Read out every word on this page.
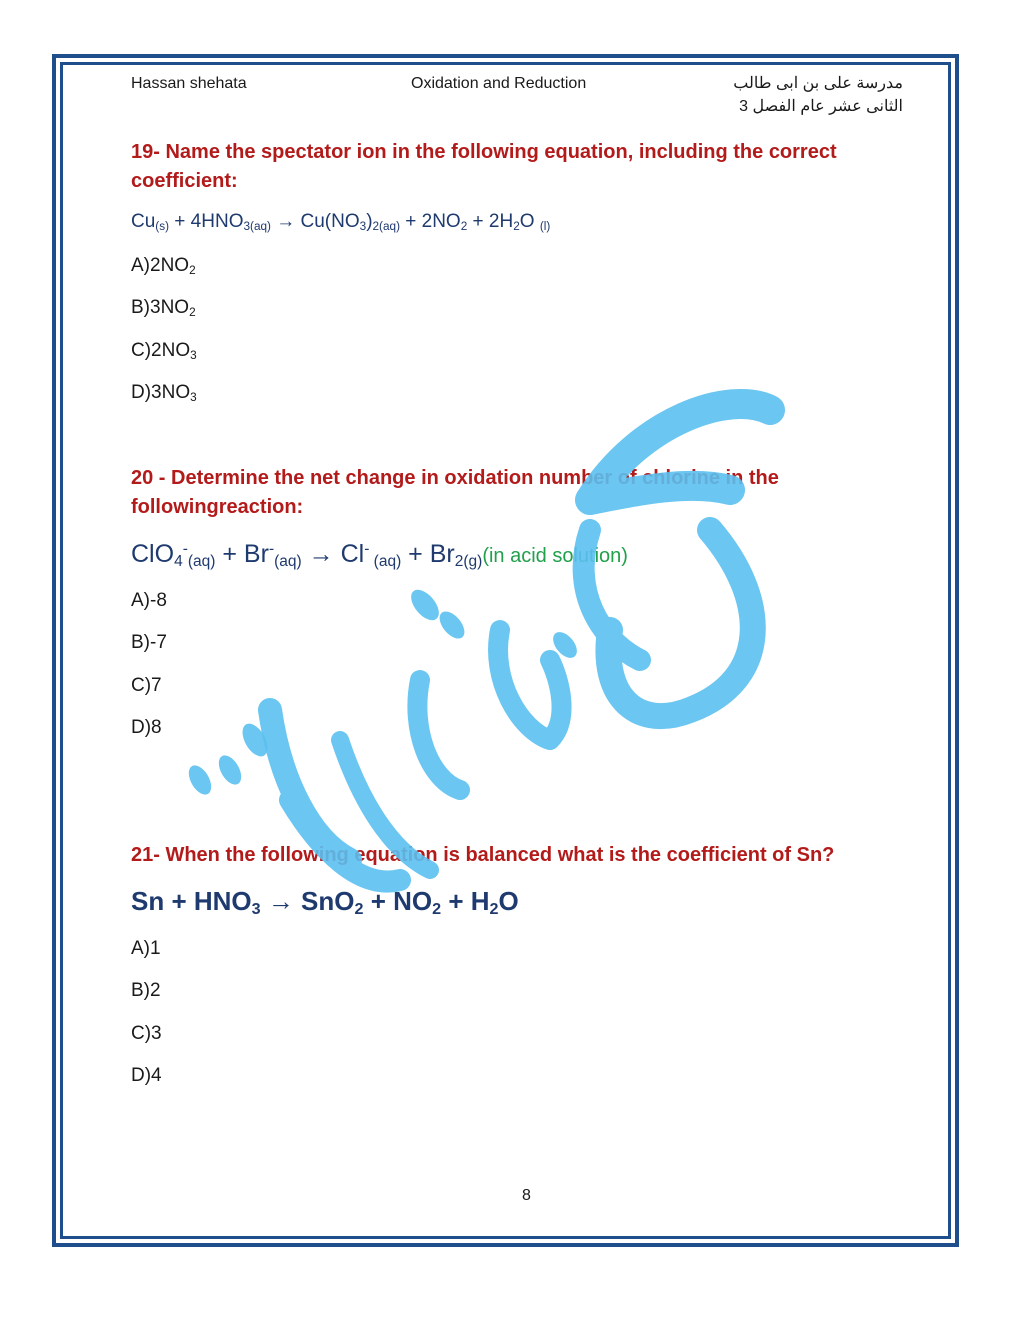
Hassan shehata	Oxidation and Reduction	مدرسة على بن ابى طالب
الثانى عشر عام الفصل 3
19- Name the spectator ion in the following equation, including the correct coefficient:
$Cu_{(s)} + 4HNO_{3(aq)} \to Cu(NO_3)_{2(aq)} + 2NO_2 + 2H_2O$ $_{(l)}$
$A)2NO_2$
$B)3NO_2$
$C)2NO_3$
$D)3NO_3$
20 - Determine the net change in oxidation number of chlorine in the followingreaction:
$ClO_4^-_{(aq)} + Br^-_{(aq)} \to Cl^-$ $_{(aq)} + Br_{2(g)}(in$ acid solution)
A)-8
B)-7
C)7
D)8
21- When the following equation is balanced what is the coefficient of Sn?
$Sn + HNO_3 \to SnO_2 + NO_2 + H_2O$
A)1
B)2
C)3
D)4
8
